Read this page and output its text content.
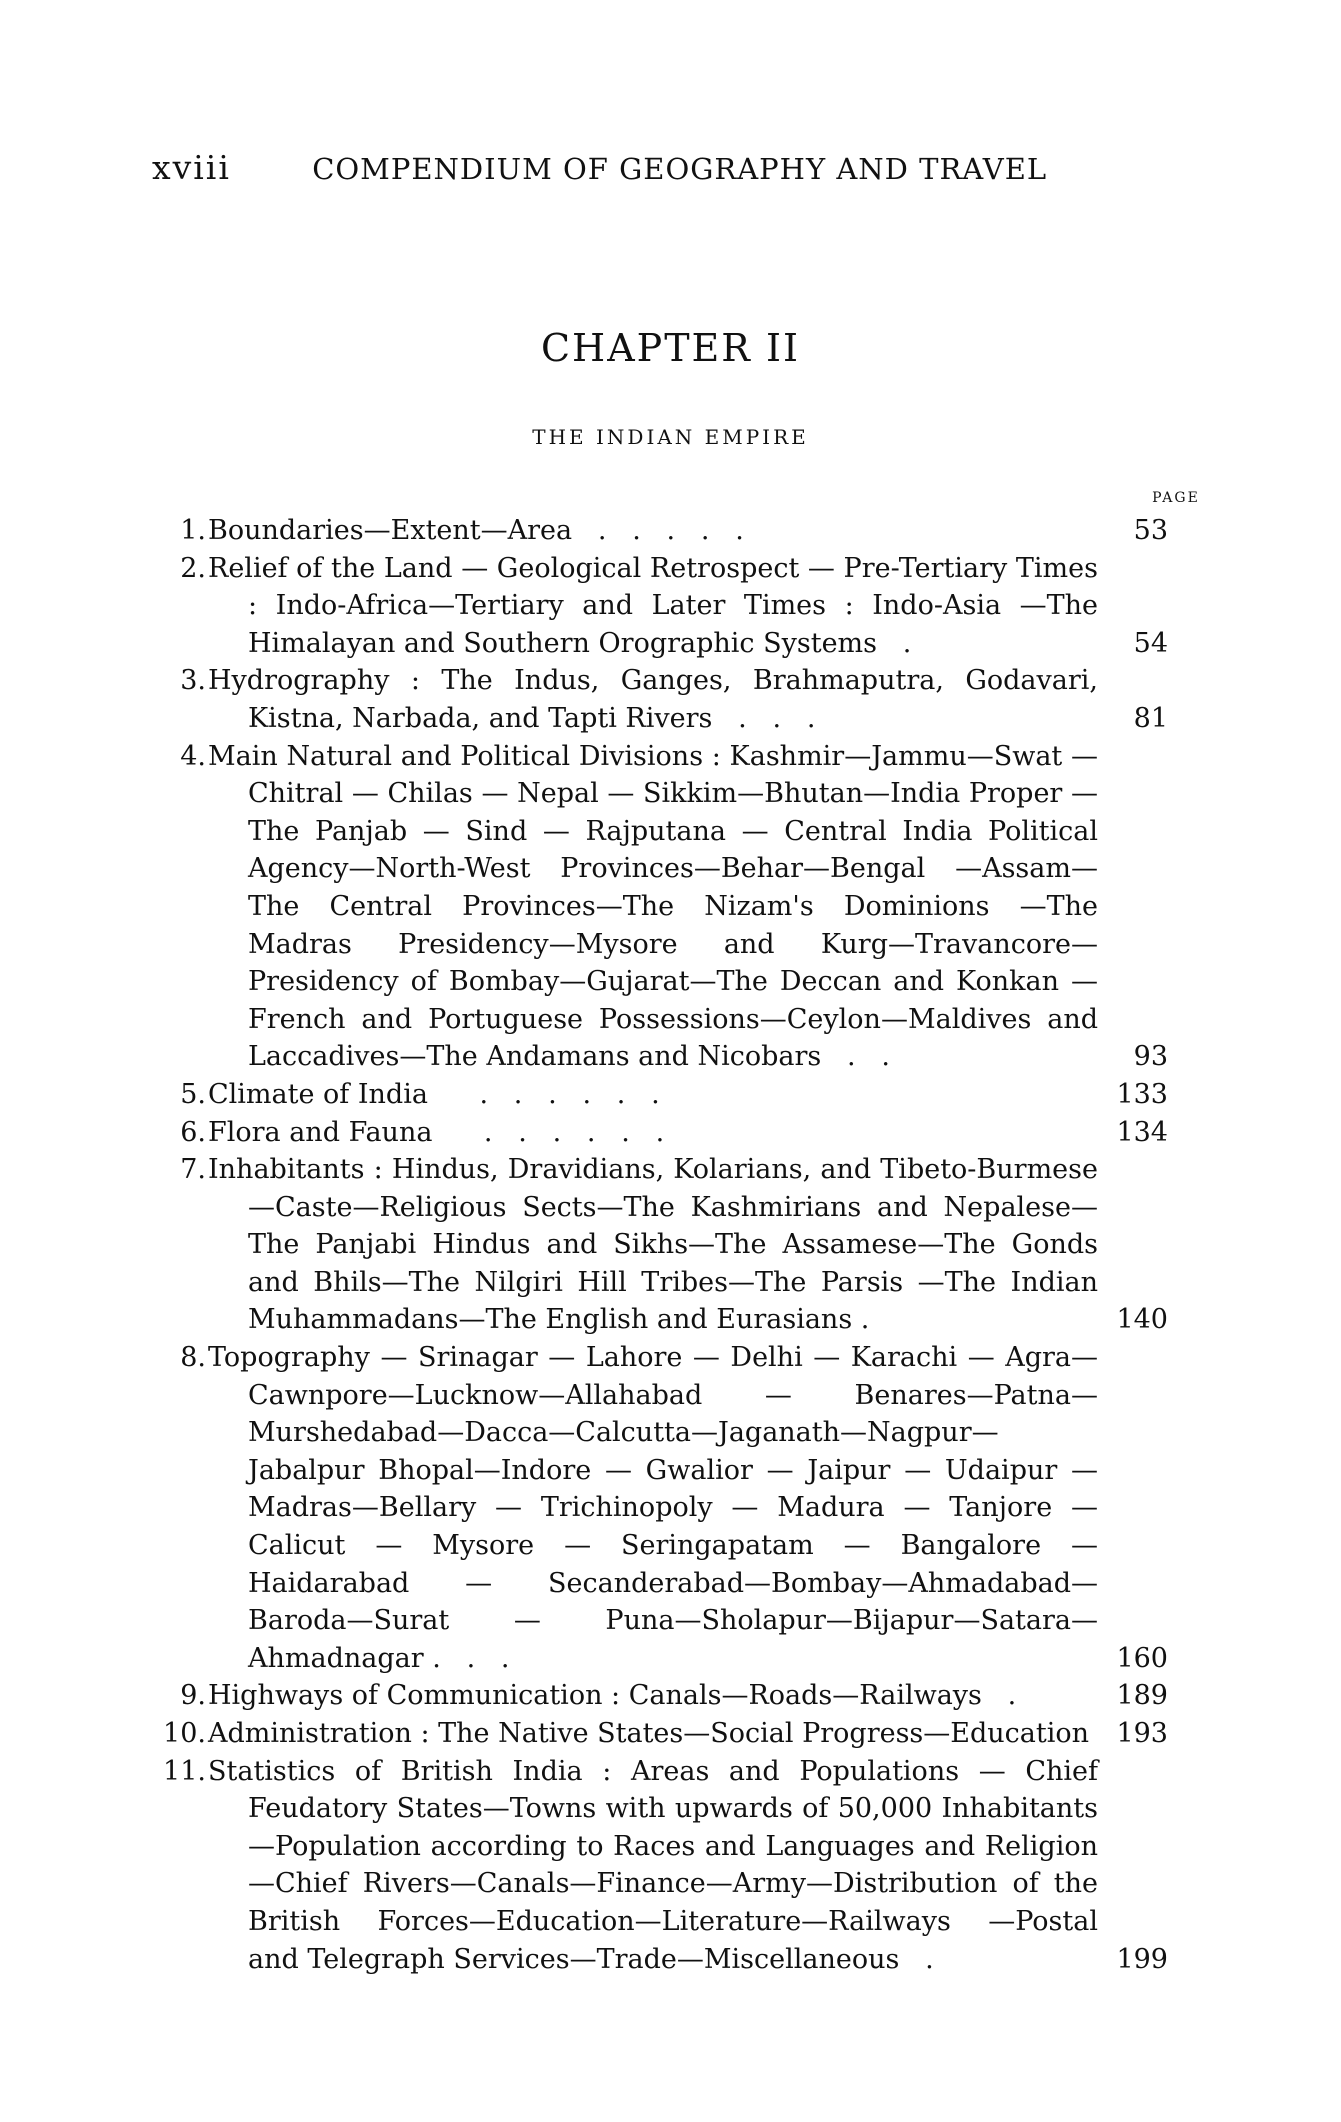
xviii	COMPENDIUM OF GEOGRAPHY AND TRAVEL
CHAPTER II
THE INDIAN EMPIRE
PAGE
1. Boundaries—Extent—Area   .   .   .   .   .	53
2. Relief of the Land — Geological Retrospect — Pre-Tertiary Times : Indo-Africa—Tertiary and Later Times : Indo-Asia —The Himalayan and Southern Orographic Systems   .	54
3. Hydrography : The Indus, Ganges, Brahmaputra, Godavari, Kistna, Narbada, and Tapti Rivers   .   .   .	81
4. Main Natural and Political Divisions : Kashmir—Jammu—Swat — Chitral — Chilas — Nepal — Sikkim—Bhutan—India Proper — The Panjab — Sind — Rajputana — Central India Political Agency—North-West Provinces—Behar—Bengal —Assam—The Central Provinces—The Nizam's Dominions —The Madras Presidency—Mysore and Kurg—Travancore—Presidency of Bombay—Gujarat—The Deccan and Konkan —French and Portuguese Possessions—Ceylon—Maldives and Laccadives—The Andamans and Nicobars   .   .	93
5. Climate of India      .   .   .   .   .   .	133
6. Flora and Fauna      .   .   .   .   .   .	134
7. Inhabitants : Hindus, Dravidians, Kolarians, and Tibeto-Burmese—Caste—Religious Sects—The Kashmirians and Nepalese—The Panjabi Hindus and Sikhs—The Assamese—The Gonds and Bhils—The Nilgiri Hill Tribes—The Parsis —The Indian Muhammadans—The English and Eurasians .	140
8. Topography — Srinagar — Lahore — Delhi — Karachi — Agra—Cawnpore—Lucknow—Allahabad — Benares—Patna—Murshedabad—Dacca—Calcutta—Jaganath—Nagpur—Jabalpur Bhopal—Indore — Gwalior — Jaipur — Udaipur — Madras—Bellary — Trichinopoly — Madura — Tanjore — Calicut — Mysore — Seringapatam — Bangalore — Haidarabad — Secanderabad—Bombay—Ahmadabad—Baroda—Surat — Puna—Sholapur—Bijapur—Satara—Ahmadnagar .   .   .	160
9. Highways of Communication : Canals—Roads—Railways   .	189
10. Administration : The Native States—Social Progress—Education	193
11. Statistics of British India : Areas and Populations — Chief Feudatory States—Towns with upwards of 50,000 Inhabitants—Population according to Races and Languages and Religion—Chief Rivers—Canals—Finance—Army—Distribution of the British Forces—Education—Literature—Railways —Postal and Telegraph Services—Trade—Miscellaneous   .	199
